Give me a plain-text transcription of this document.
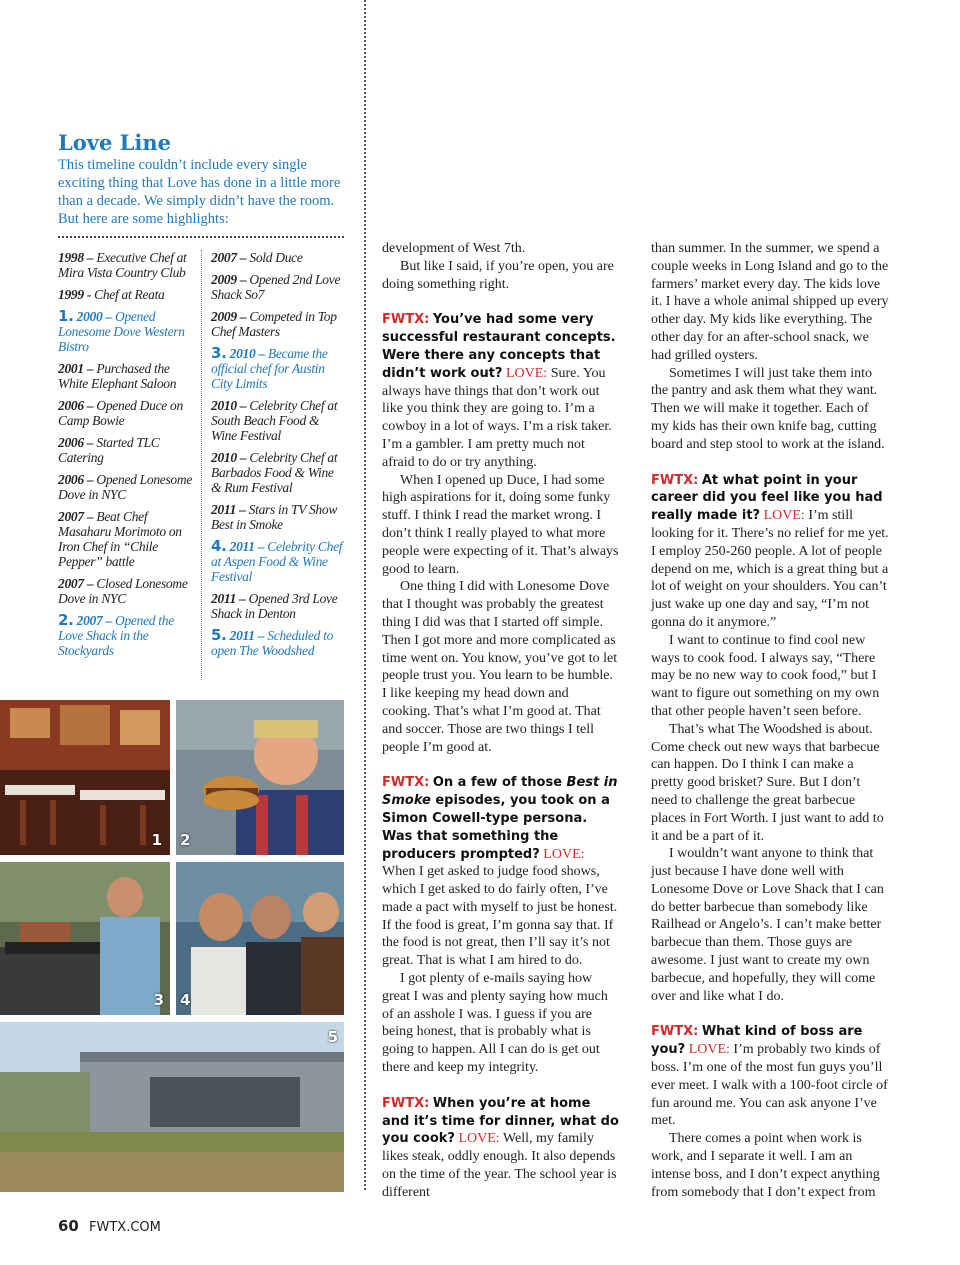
Love Line

This timeline couldn’t include every single exciting thing that Love has done in a little more than a decade. We simply didn’t have the room. But here are some highlights:

1998 – Executive Chef at Mira Vista Country Club

1999 - Chef at Reata

1. 2000 – Opened Lonesome Dove Western Bistro

2001 – Purchased the White Elephant Saloon

2006 – Opened Duce on Camp Bowie

2006 – Started TLC Catering

2006 – Opened Lonesome Dove in NYC

2007 – Beat Chef Masaharu Morimoto on Iron Chef in “Chile Pepper” battle

2007 – Closed Lonesome Dove in NYC

2. 2007 – Opened the Love Shack in the Stockyards

2007 – Sold Duce

2009 – Opened 2nd Love Shack So7

2009 – Competed in Top Chef Masters

3. 2010 – Became the official chef for Austin City Limits

2010 – Celebrity Chef at South Beach Food & Wine Festival

2010 – Celebrity Chef at Barbados Food & Wine & Rum Festival

2011 – Stars in TV Show Best in Smoke

4. 2011 – Celebrity Chef at Aspen Food & Wine Festival

2011 – Opened 3rd Love Shack in Denton

5. 2011 – Scheduled to open The Woodshed

1 2
3 4
5

development of West 7th.

But like I said, if you’re open, you are doing something right.

FWTX: You’ve had some very successful restaurant concepts. Were there any concepts that didn’t work out? LOVE: Sure. You always have things that don’t work out like you think they are going to. I’m a cowboy in a lot of ways. I’m a risk taker. I’m a gambler. I am pretty much not afraid to do or try anything.

When I opened up Duce, I had some high aspirations for it, doing some funky stuff. I think I read the market wrong. I don’t think I really played to what more people were expecting of it. That’s always good to learn.

One thing I did with Lonesome Dove that I thought was probably the greatest thing I did was that I started off simple. Then I got more and more complicated as time went on. You know, you’ve got to let people trust you. You learn to be humble. I like keeping my head down and cooking. That’s what I’m good at. That and soccer. Those are two things I tell people I’m good at.

FWTX: On a few of those Best in Smoke episodes, you took on a Simon Cowell-type persona. Was that something the producers prompted? LOVE: When I get asked to judge food shows, which I get asked to do fairly often, I’ve made a pact with myself to just be honest. If the food is great, I’m gonna say that. If the food is not great, then I’ll say it’s not great. That is what I am hired to do.

I got plenty of e-mails saying how great I was and plenty saying how much of an asshole I was. I guess if you are being honest, that is probably what is going to happen. All I can do is get out there and keep my integrity.

FWTX: When you’re at home and it’s time for dinner, what do you cook? LOVE: Well, my family likes steak, oddly enough. It also depends on the time of the year. The school year is different

than summer. In the summer, we spend a couple weeks in Long Island and go to the farmers’ market every day. The kids love it. I have a whole animal shipped up every other day. My kids like everything. The other day for an after-school snack, we had grilled oysters.

Sometimes I will just take them into the pantry and ask them what they want. Then we will make it together. Each of my kids has their own knife bag, cutting board and step stool to work at the island.

FWTX: At what point in your career did you feel like you had really made it? LOVE: I’m still looking for it. There’s no relief for me yet. I employ 250-260 people. A lot of people depend on me, which is a great thing but a lot of weight on your shoulders. You can’t just wake up one day and say, “I’m not gonna do it anymore.”

I want to continue to find cool new ways to cook food. I always say, “There may be no new way to cook food,” but I want to figure out something on my own that other people haven’t seen before.

That’s what The Woodshed is about. Come check out new ways that barbecue can happen. Do I think I can make a pretty good brisket? Sure. But I don’t need to challenge the great barbecue places in Fort Worth. I just want to add to it and be a part of it.

I wouldn’t want anyone to think that just because I have done well with Lonesome Dove or Love Shack that I can do better barbecue than somebody like Railhead or Angelo’s. I can’t make better barbecue than them. Those guys are awesome. I just want to create my own barbecue, and hopefully, they will come over and like what I do.

FWTX: What kind of boss are you? LOVE: I’m probably two kinds of boss. I’m one of the most fun guys you’ll ever meet. I walk with a 100-foot circle of fun around me. You can ask anyone I’ve met.

There comes a point when work is work, and I separate it well. I am an intense boss, and I don’t expect anything from somebody that I don’t expect from

60 FWTX.COM
